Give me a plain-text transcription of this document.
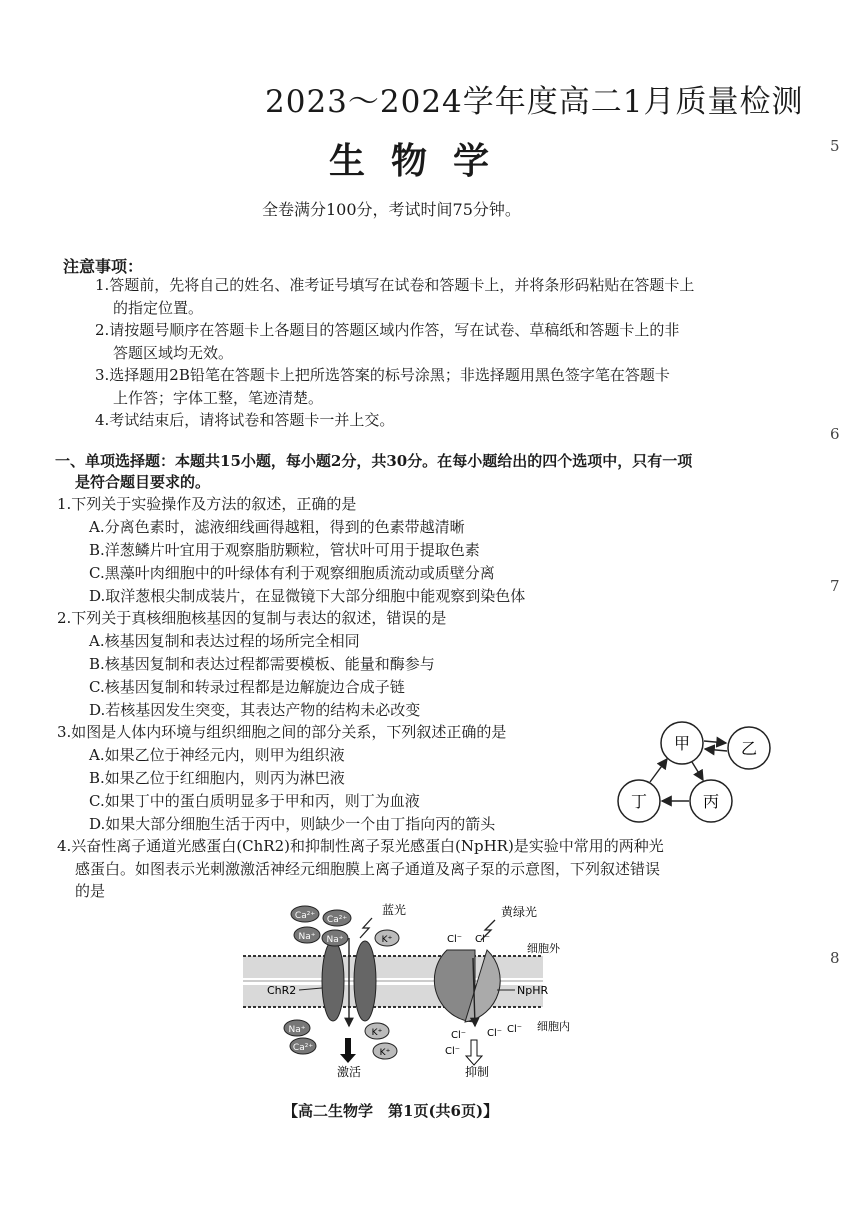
2023～2024学年度高二1月质量检测
生物学
全卷满分100分，考试时间75分钟。
5
6
7
8
注意事项：
1.答题前，先将自己的姓名、准考证号填写在试卷和答题卡上，并将条形码粘贴在答题卡上
的指定位置。
2.请按题号顺序在答题卡上各题目的答题区域内作答，写在试卷、草稿纸和答题卡上的非
答题区域均无效。
3.选择题用2B铅笔在答题卡上把所选答案的标号涂黑；非选择题用黑色签字笔在答题卡
上作答；字体工整，笔迹清楚。
4.考试结束后，请将试卷和答题卡一并上交。
一、单项选择题：本题共15小题，每小题2分，共30分。在每小题给出的四个选项中，只有一项
是符合题目要求的。
1.下列关于实验操作及方法的叙述，正确的是
A.分离色素时，滤液细线画得越粗，得到的色素带越清晰
B.洋葱鳞片叶宜用于观察脂肪颗粒，管状叶可用于提取色素
C.黑藻叶肉细胞中的叶绿体有利于观察细胞质流动或质壁分离
D.取洋葱根尖制成装片，在显微镜下大部分细胞中能观察到染色体
2.下列关于真核细胞核基因的复制与表达的叙述，错误的是
A.核基因复制和表达过程的场所完全相同
B.核基因复制和表达过程都需要模板、能量和酶参与
C.核基因复制和转录过程都是边解旋边合成子链
D.若核基因发生突变，其表达产物的结构未必改变
3.如图是人体内环境与组织细胞之间的部分关系，下列叙述正确的是
A.如果乙位于神经元内，则甲为组织液
B.如果乙位于红细胞内，则丙为淋巴液
C.如果丁中的蛋白质明显多于甲和丙，则丁为血液
D.如果大部分细胞生活于丙中，则缺少一个由丁指向丙的箭头
甲	乙
丙
丁
4.兴奋性离子通道光感蛋白(ChR2)和抑制性离子泵光感蛋白(NpHR)是实验中常用的两种光
感蛋白。如图表示光刺激激活神经元细胞膜上离子通道及离子泵的示意图，下列叙述错误
的是
ChR2	NpHR
Ca²⁺ Ca²⁺
Na⁺ Na⁺	K⁺	Cl⁻ Cl⁻
蓝光	黄绿光
细胞外
细胞内
Na⁺
Ca²⁺
K⁺
K⁺
Cl⁻ Cl⁻ Cl⁻
Cl⁻
激活	抑制
【高二生物学　第1页(共6页)】
